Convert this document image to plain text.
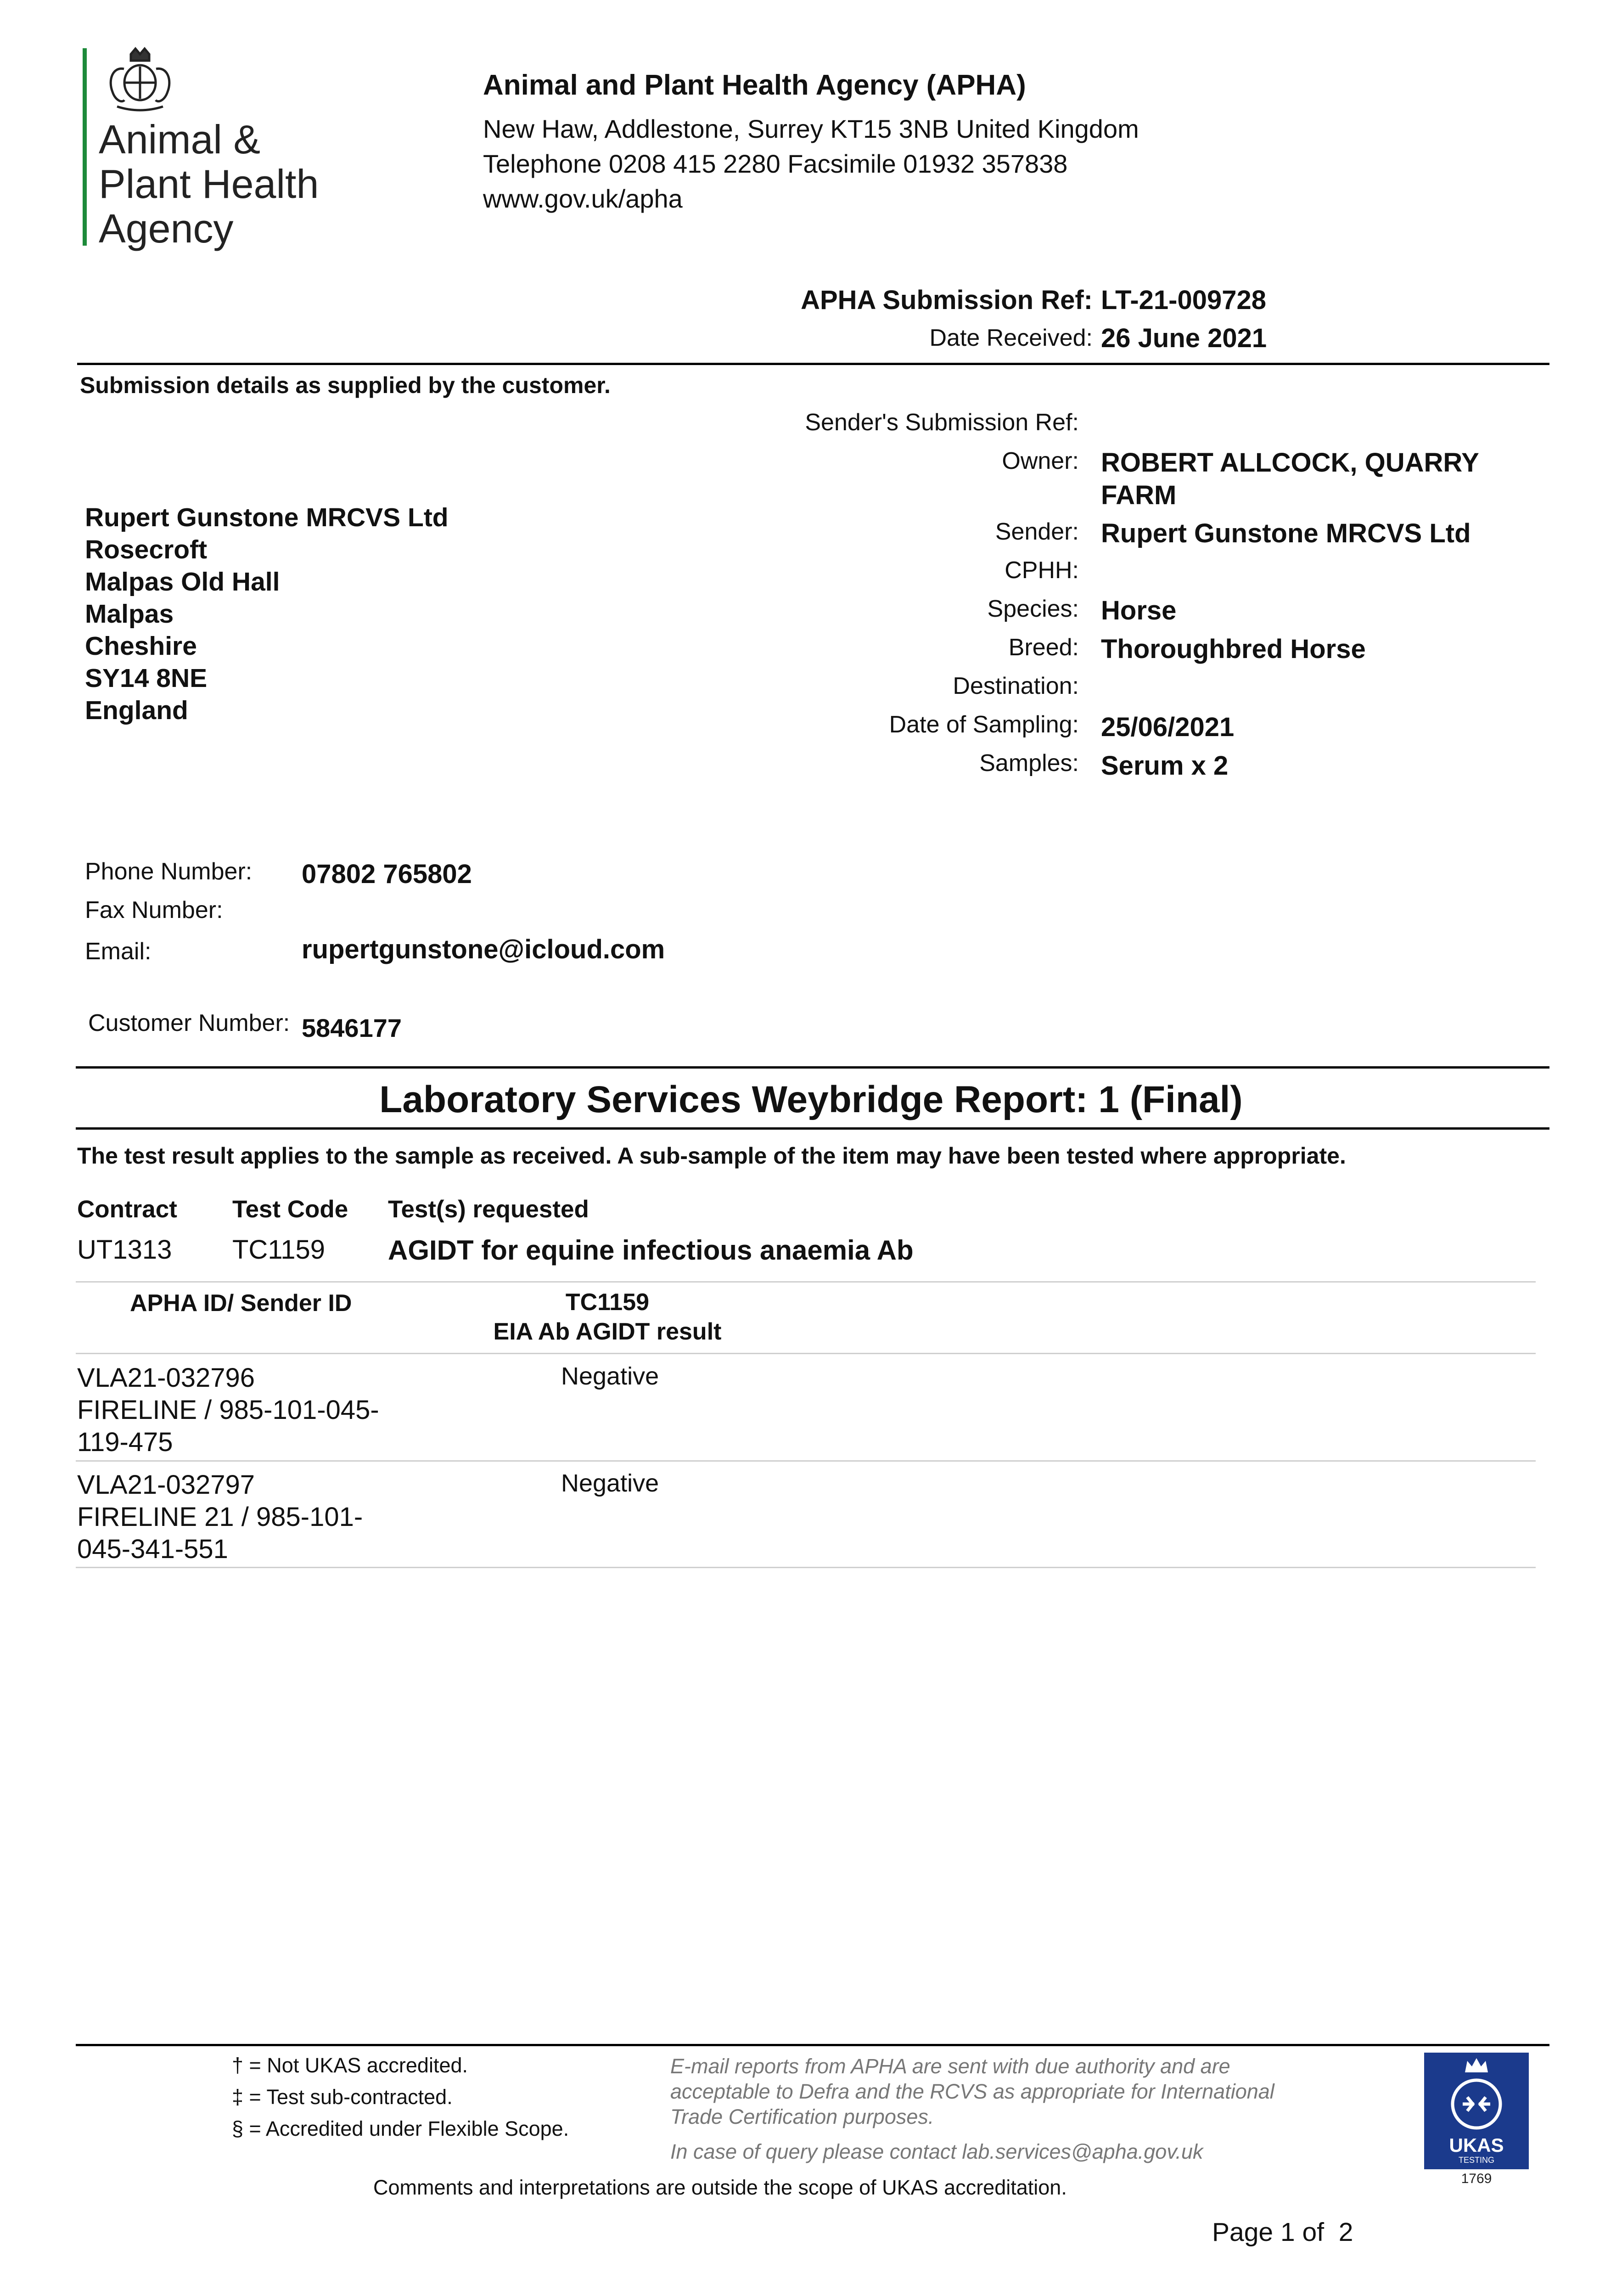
Animal &
Plant Health
Agency
Animal and Plant Health Agency (APHA)
New Haw, Addlestone, Surrey KT15 3NB United Kingdom
Telephone 0208 415 2280 Facsimile 01932 357838
www.gov.uk/apha
APHA Submission Ref: LT-21-009728
Date Received: 26 June 2021
Submission details as supplied by the customer.
Rupert Gunstone MRCVS Ltd
Rosecroft
Malpas Old Hall
Malpas
Cheshire
SY14 8NE
England
Sender's Submission Ref:
Owner: ROBERT ALLCOCK, QUARRY
FARM
Sender: Rupert Gunstone MRCVS Ltd
CPHH:
Species: Horse
Breed: Thoroughbred Horse
Destination:
Date of Sampling: 25/06/2021
Samples: Serum x 2
Phone Number: 07802 765802
Fax Number:
Email:	rupertgunstone@icloud.com
Customer Number: 5846177
Laboratory Services Weybridge Report: 1 (Final)
The test result applies to the sample as received. A sub-sample of the item may have been tested where appropriate.
Contract Test Code Test(s) requested
UT1313 TC1159 AGIDT for equine infectious anaemia Ab
APHA ID/ Sender ID	TC1159
EIA Ab AGIDT result
VLA21-032796
FIRELINE / 985-101-045-
119-475
Negative
VLA21-032797
FIRELINE 21 / 985-101-
045-341-551
Negative
† = Not UKAS accredited.
‡ = Test sub-contracted.
§ = Accredited under Flexible Scope.
E-mail reports from APHA are sent with due authority and are
acceptable to Defra and the RCVS as appropriate for International
Trade Certification purposes.
In case of query please contact lab.services@apha.gov.uk
Comments and interpretations are outside the scope of UKAS accreditation.
UKAS
TESTING
1769
Page 1 of  2
